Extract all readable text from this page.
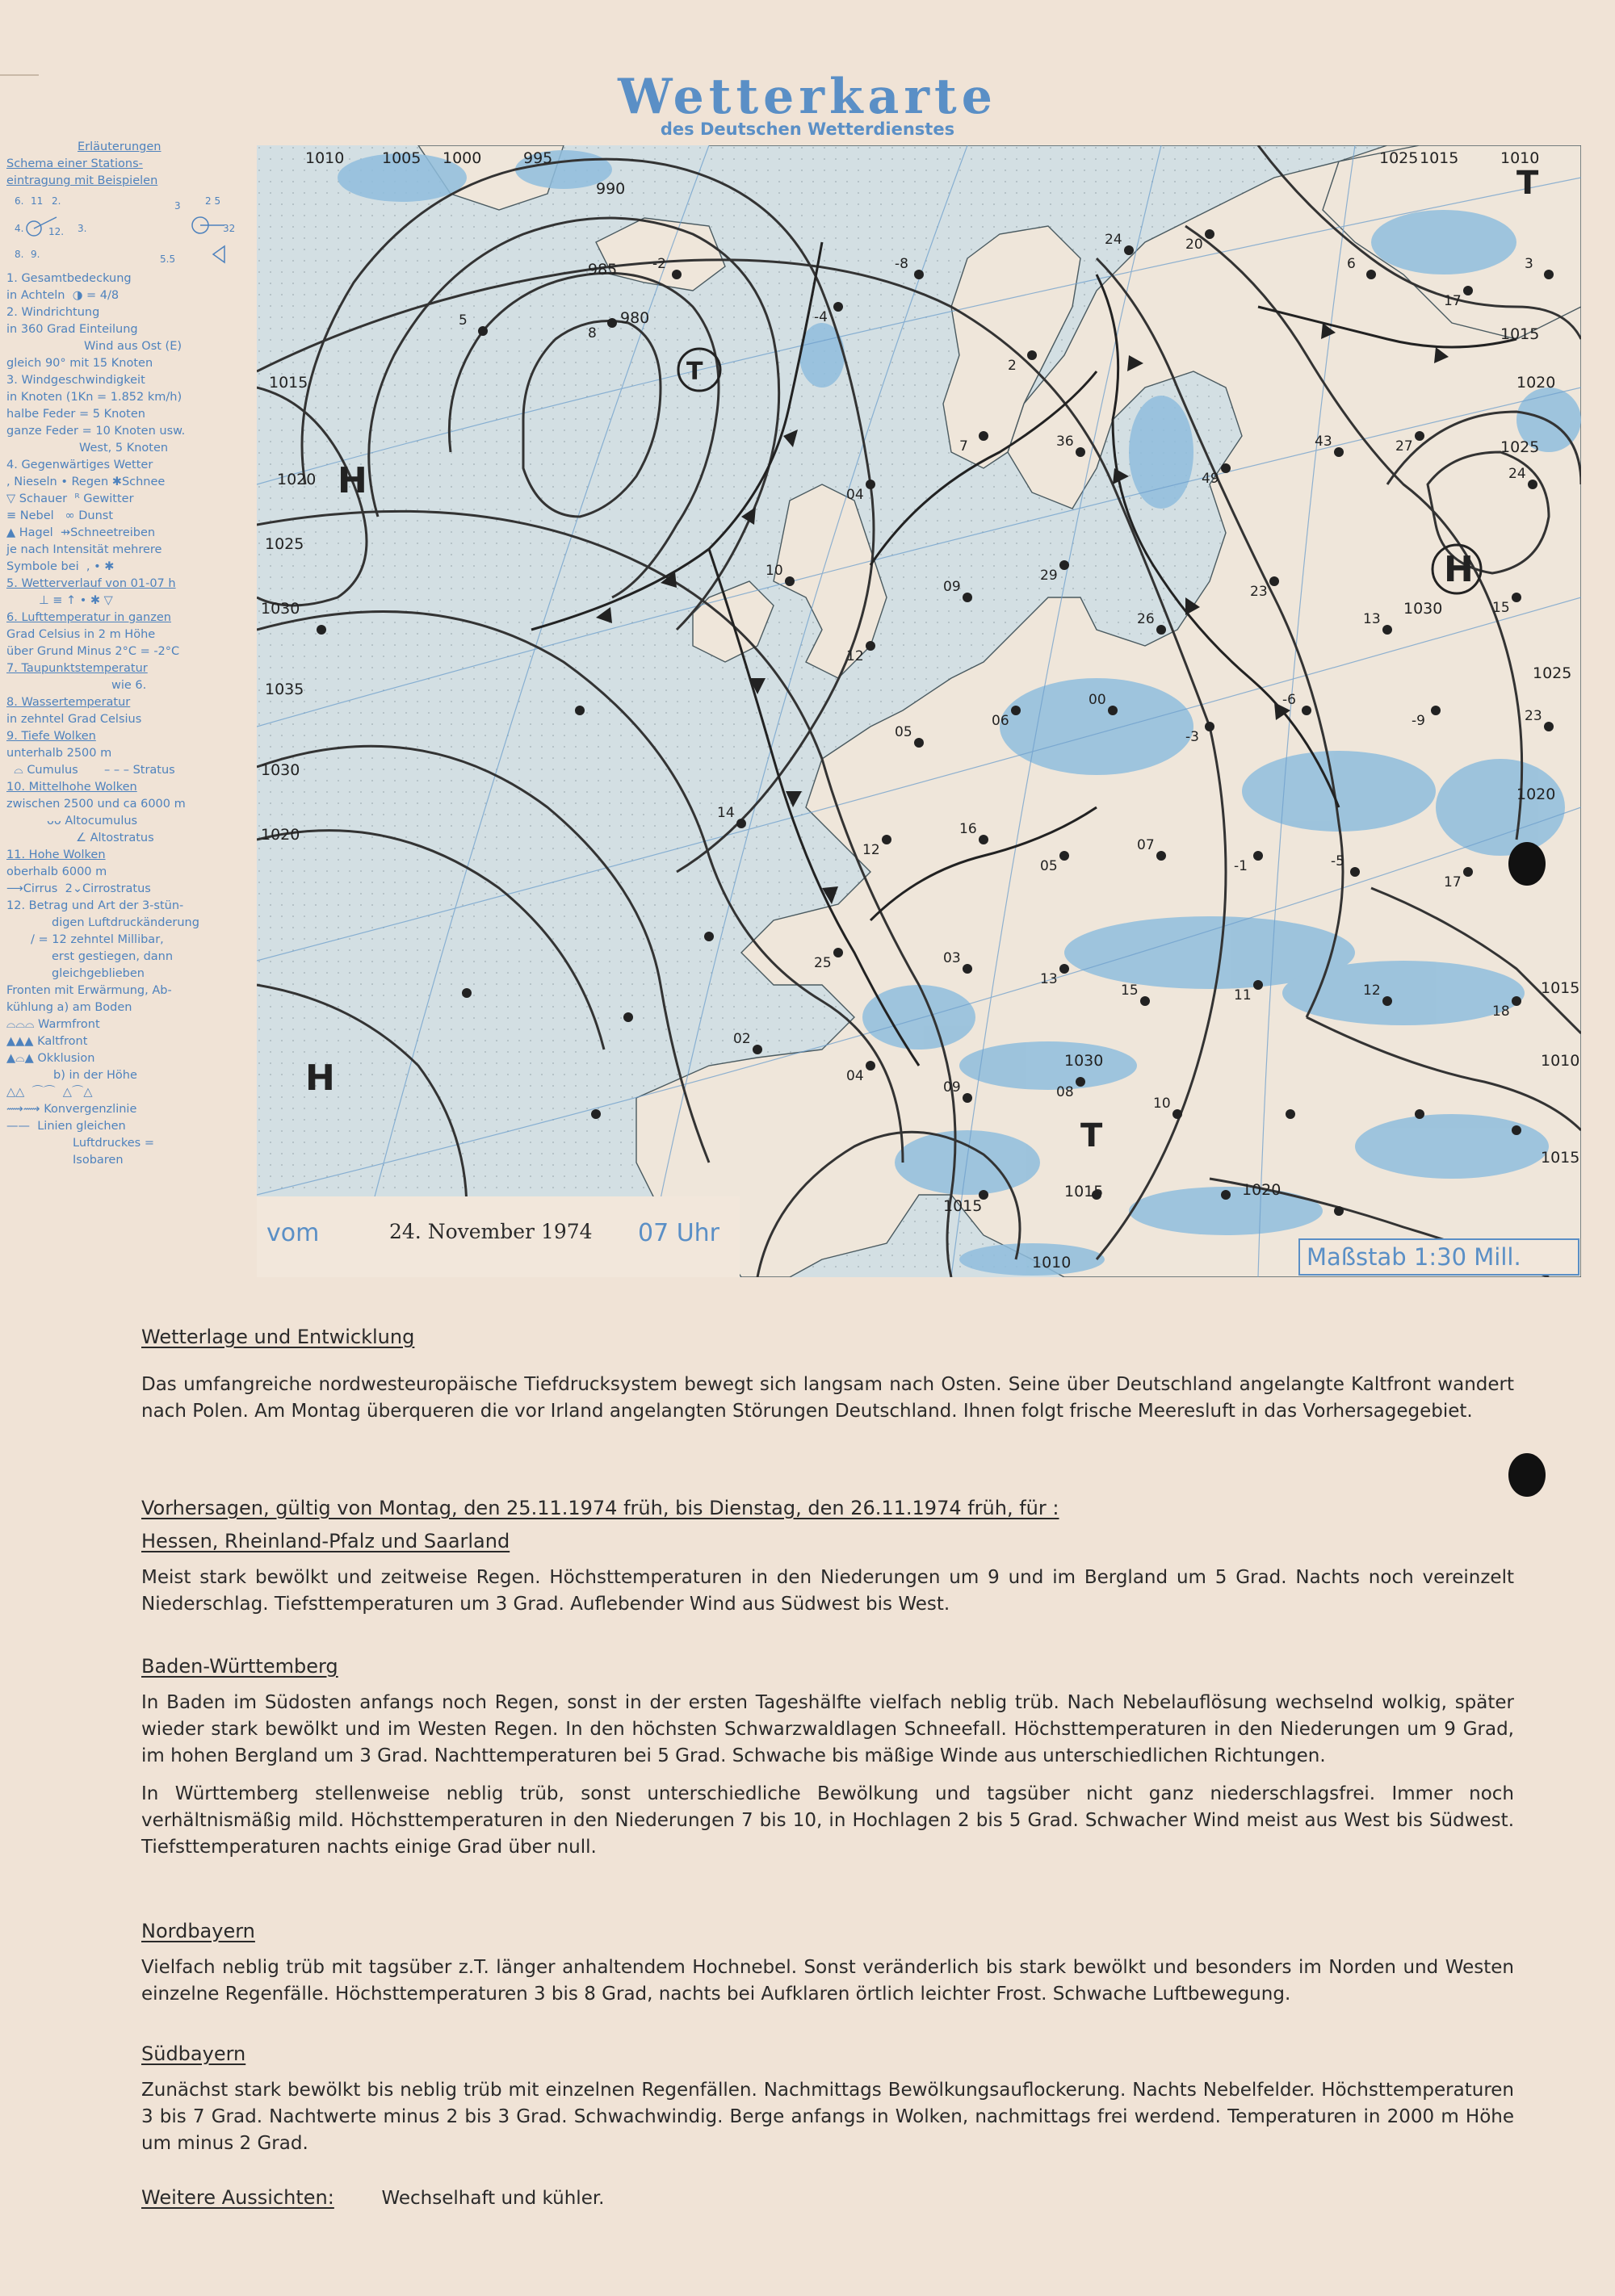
Wetterkarte
des Deutschen Wetterdienstes
Erläuterungen
Schema einer Stations-
eintragung mit Beispielen
6. 11 2.
4.	12. 3.
8. 9.	5.5
3	2 5
32
1. Gesamtbedeckung
in Achteln ◑ = 4/8
2. Windrichtung
in 360 Grad Einteilung
Wind aus Ost (E)
gleich 90° mit 15 Knoten
3. Windgeschwindigkeit
in Knoten (1Kn = 1.852 km/h)
halbe Feder = 5 Knoten
ganze Feder = 10 Knoten usw.
West, 5 Knoten
4. Gegenwärtiges Wetter
, Nieseln • Regen ✱Schnee
▽ Schauer ᴿ Gewitter
≡ Nebel ∞ Dunst
▲ Hagel ⇸Schneetreiben
je nach Intensität mehrere
Symbole bei , • ✱
5. Wetterverlauf von 01-07 h
⊥ ≡ ↑ • ✱ ▽
6. Lufttemperatur in ganzen
Grad Celsius in 2 m Höhe
über Grund Minus 2°C = -2°C
7. Taupunktstemperatur
wie 6.
8. Wassertemperatur
in zehntel Grad Celsius
9. Tiefe Wolken
unterhalb 2500 m
⌓ Cumulus – – – Stratus
10. Mittelhohe Wolken
zwischen 2500 und ca 6000 m
ᴗᴗ Altocumulus
∠ Altostratus
11. Hohe Wolken
oberhalb 6000 m
⟶Cirrus 2⌄Cirrostratus
12. Betrag und Art der 3-stün-
digen Luftdruckänderung
∕ = 12 zehntel Millibar,
erst gestiegen, dann
gleichgeblieben
Fronten mit Erwärmung, Ab-
kühlung a) am Boden
⌓⌓⌓ Warmfront
▲▲▲ Kaltfront
▲⌓▲ Okklusion
b) in der Höhe
△△  ⌒⌒  △⌒△
⟿⟿ Konvergenzlinie
—— Linien gleichen
Luftdruckes =
Isobaren
H
H
H
T
T
T
1010 1005 1000	995
990
985
980
1015
1020
1025
1030
1035
1030
1020
1025 1015	1010
1015
1020
1025
1030
1025
1020
1015
1010
1015
1020
1015
1010
1030
1015
5
8
-2
-4
-8
2
24	20
6
17
3
7	36
49
43	27
24
04
10
12
09
29
26
23
13
15
05
06
00
-3
-6
-9	23
12
16
05
07
-1	-5
17
14
25	03
13
15	11	12
18
02
04
09	08
10
vom	24. November 1974 07 Uhr
Maßstab 1:30 Mill.
Wetterlage und Entwicklung
Das umfangreiche nordwesteuropäische Tiefdrucksystem bewegt sich langsam nach Osten. Seine über Deutschland angelangte Kaltfront wandert nach Polen. Am Montag überqueren die vor Irland angelangten Störungen Deutschland. Ihnen folgt frische Meeresluft in das Vorhersagegebiet.
Vorhersagen, gültig von Montag, den 25.11.1974 früh, bis Dienstag, den 26.11.1974 früh, für :
Hessen, Rheinland-Pfalz und Saarland
Meist stark bewölkt und zeitweise Regen. Höchsttemperaturen in den Niederungen um 9 und im Bergland um 5 Grad. Nachts noch vereinzelt Niederschlag. Tiefsttemperaturen um 3 Grad. Auflebender Wind aus Südwest bis West.
Baden-Württemberg
In Baden im Südosten anfangs noch Regen, sonst in der ersten Tageshälfte vielfach neblig trüb. Nach Nebelauflösung wechselnd wolkig, später wieder stark bewölkt und im Westen Regen. In den höchsten Schwarzwaldlagen Schneefall. Höchsttemperaturen in den Niederungen um 9 Grad, im hohen Bergland um 3 Grad. Nachttemperaturen bei 5 Grad. Schwache bis mäßige Winde aus unterschiedlichen Richtungen.
In Württemberg stellenweise neblig trüb, sonst unterschiedliche Bewölkung und tagsüber nicht ganz niederschlagsfrei. Immer noch verhältnismäßig mild. Höchsttemperaturen in den Niederungen 7 bis 10, in Hochlagen 2 bis 5 Grad. Schwacher Wind meist aus West bis Südwest. Tiefsttemperaturen nachts einige Grad über null.
Nordbayern
Vielfach neblig trüb mit tagsüber z.T. länger anhaltendem Hochnebel. Sonst veränderlich bis stark bewölkt und besonders im Norden und Westen einzelne Regenfälle. Höchsttemperaturen 3 bis 8 Grad, nachts bei Aufklaren örtlich leichter Frost. Schwache Luftbewegung.
Südbayern
Zunächst stark bewölkt bis neblig trüb mit einzelnen Regenfällen. Nachmittags Bewölkungsauflockerung. Nachts Nebelfelder. Höchsttemperaturen 3 bis 7 Grad. Nachtwerte minus 2 bis 3 Grad. Schwachwindig. Berge anfangs in Wolken, nachmittags frei werdend. Temperaturen in 2000 m Höhe um minus 2 Grad.
Weitere Aussichten:	Wechselhaft und kühler.
